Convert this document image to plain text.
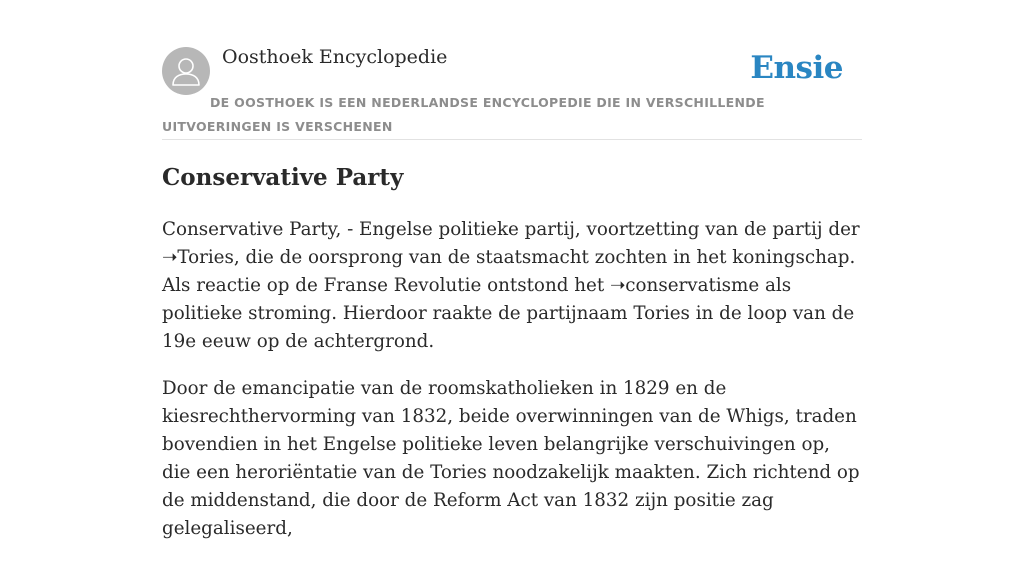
Oosthoek Encyclopedie	Ensie
DE OOSTHOEK IS EEN NEDERLANDSE ENCYCLOPEDIE DIE IN VERSCHILLENDE UITVOERINGEN IS VERSCHENEN
Conservative Party

Conservative Party, - Engelse politieke partij, voortzetting van de partij der ➝Tories, die de oorsprong van de staatsmacht zochten in het koningschap. Als reactie op de Franse Revolutie ontstond het ➝conservatisme als politieke stroming. Hierdoor raakte de partijnaam Tories in de loop van de 19e eeuw op de achtergrond.

Door de emancipatie van de roomskatholieken in 1829 en de kiesrechthervorming van 1832, beide overwinningen van de Whigs, traden bovendien in het Engelse politieke leven belangrijke verschuivingen op, die een heroriëntatie van de Tories noodzakelijk maakten. Zich richtend op de middenstand, die door de Reform Act van 1832 zijn positie zag gelegaliseerd,
